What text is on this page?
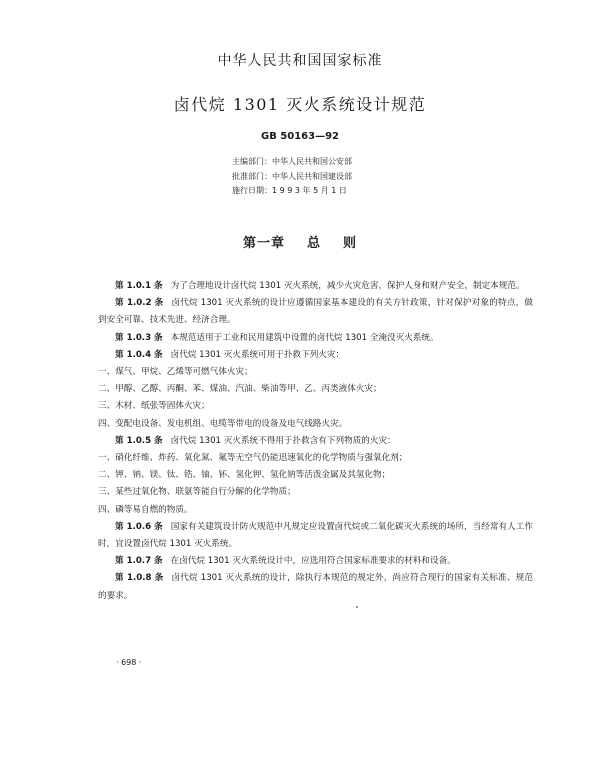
中华人民共和国国家标准
卤代烷 1301 灭火系统设计规范
GB 50163—92
主编部门：中华人民共和国公安部
批准部门：中华人民共和国建设部
施行日期：1 9 9 3 年 5 月 1 日
第一章 总 则

第 1.0.1 条 为了合理地设计卤代烷 1301 灭火系统，减少火灾危害，保护人身和财产安全，制定本规范。

第 1.0.2 条 卤代烷 1301 灭火系统的设计应遵循国家基本建设的有关方针政策，针对保护对象的特点，做到安全可靠、技术先进、经济合理。

第 1.0.3 条 本规范适用于工业和民用建筑中设置的卤代烷 1301 全淹没灭火系统。

第 1.0.4 条 卤代烷 1301 灭火系统可用于扑救下列火灾：

一、煤气、甲烷、乙烯等可燃气体火灾；

二、甲醇、乙醇、丙酮、苯、煤油、汽油、柴油等甲、乙、丙类液体火灾；

三、木材、纸张等固体火灾；

四、变配电设备、发电机组、电缆等带电的设备及电气线路火灾。

第 1.0.5 条 卤代烷 1301 灭火系统不得用于扑救含有下列物质的火灾：

一、硝化纤维、炸药、氧化氮、氟等无空气仍能迅速氧化的化学物质与强氧化剂；

二、钾、钠、镁、钛、锆、铀、钚、氢化钾、氢化钠等活泼金属及其氢化物；

三、某些过氧化物、联氨等能自行分解的化学物质；

四、磷等易自燃的物质。

第 1.0.6 条 国家有关建筑设计防火规范中凡规定应设置卤代烷或二氧化碳灭火系统的场所，当经常有人工作时，宜设置卤代烷 1301 灭火系统。

第 1.0.7 条 在卤代烷 1301 灭火系统设计中，应选用符合国家标准要求的材料和设备。

第 1.0.8 条 卤代烷 1301 灭火系统的设计，除执行本规范的规定外，尚应符合现行的国家有关标准、规范的要求。

· 698 ·
